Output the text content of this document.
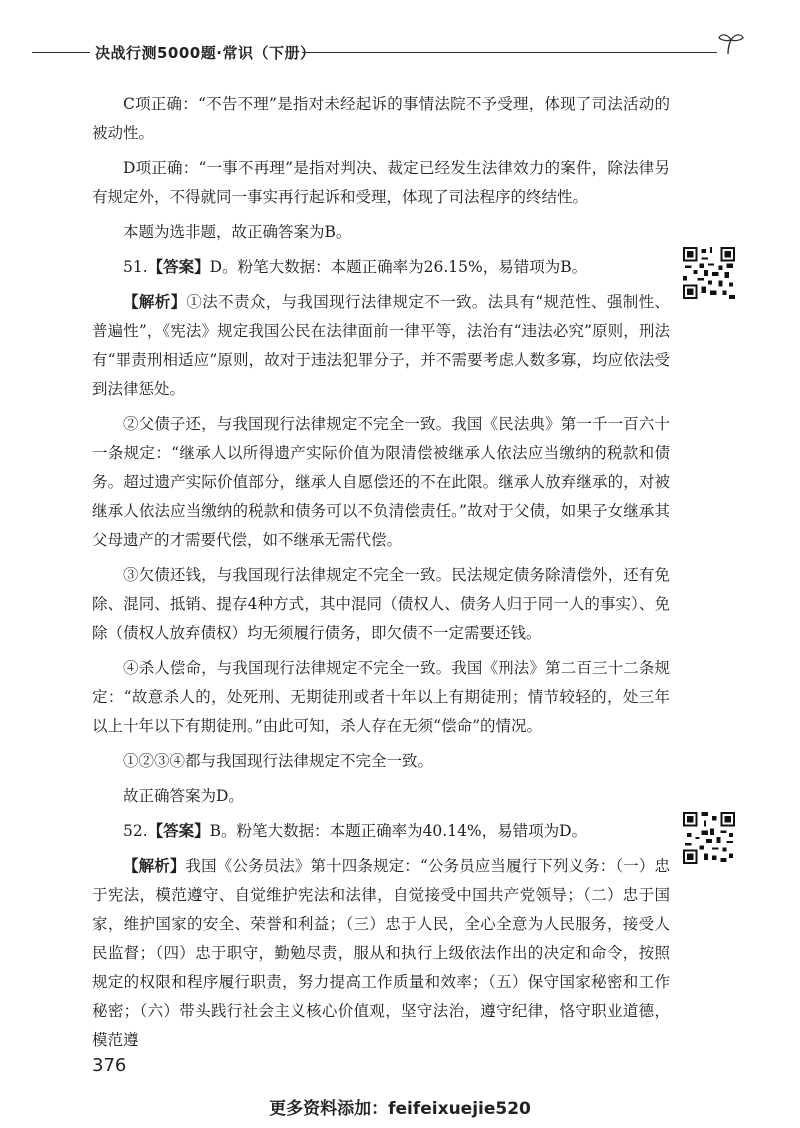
决战行测5000题·常识（下册）

C项正确：“不告不理”是指对未经起诉的事情法院不予受理，体现了司法活动的被动性。

D项正确：“一事不再理”是指对判决、裁定已经发生法律效力的案件，除法律另有规定外，不得就同一事实再行起诉和受理，体现了司法程序的终结性。

本题为选非题，故正确答案为B。

51.【答案】D。粉笔大数据：本题正确率为26.15%，易错项为B。

【解析】①法不责众，与我国现行法律规定不一致。法具有“规范性、强制性、普遍性”，《宪法》规定我国公民在法律面前一律平等，法治有“违法必究”原则，刑法有“罪责刑相适应”原则，故对于违法犯罪分子，并不需要考虑人数多寡，均应依法受到法律惩处。

②父债子还，与我国现行法律规定不完全一致。我国《民法典》第一千一百六十一条规定：“继承人以所得遗产实际价值为限清偿被继承人依法应当缴纳的税款和债务。超过遗产实际价值部分，继承人自愿偿还的不在此限。继承人放弃继承的，对被继承人依法应当缴纳的税款和债务可以不负清偿责任。”故对于父债，如果子女继承其父母遗产的才需要代偿，如不继承无需代偿。

③欠债还钱，与我国现行法律规定不完全一致。民法规定债务除清偿外，还有免除、混同、抵销、提存4种方式，其中混同（债权人、债务人归于同一人的事实）、免除（债权人放弃债权）均无须履行债务，即欠债不一定需要还钱。

④杀人偿命，与我国现行法律规定不完全一致。我国《刑法》第二百三十二条规定：“故意杀人的，处死刑、无期徒刑或者十年以上有期徒刑；情节较轻的，处三年以上十年以下有期徒刑。”由此可知，杀人存在无须“偿命”的情况。

①②③④都与我国现行法律规定不完全一致。

故正确答案为D。

52.【答案】B。粉笔大数据：本题正确率为40.14%，易错项为D。

【解析】我国《公务员法》第十四条规定：“公务员应当履行下列义务：（一）忠于宪法，模范遵守、自觉维护宪法和法律，自觉接受中国共产党领导；（二）忠于国家，维护国家的安全、荣誉和利益；（三）忠于人民，全心全意为人民服务，接受人民监督；（四）忠于职守，勤勉尽责，服从和执行上级依法作出的决定和命令，按照规定的权限和程序履行职责，努力提高工作质量和效率；（五）保守国家秘密和工作秘密；（六）带头践行社会主义核心价值观，坚守法治，遵守纪律，恪守职业道德，模范遵

376
更多资料添加：feifeixuejie520
